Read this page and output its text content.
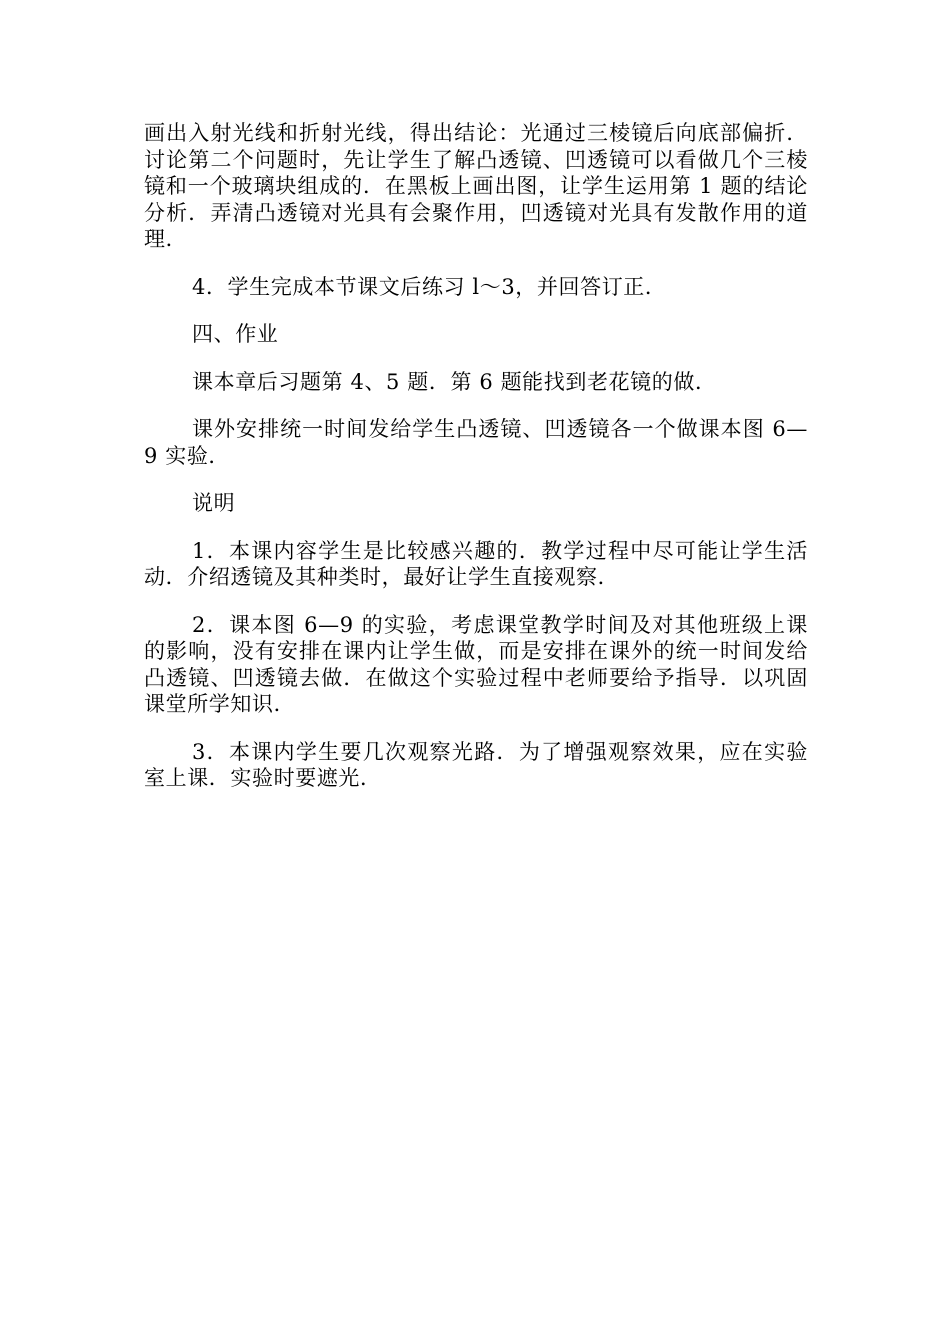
画出入射光线和折射光线，得出结论：光通过三棱镜后向底部偏折．讨论第二个问题时，先让学生了解凸透镜、凹透镜可以看做几个三棱镜和一个玻璃块组成的．在黑板上画出图，让学生运用第 1 题的结论分析．弄清凸透镜对光具有会聚作用，凹透镜对光具有发散作用的道理．

4．学生完成本节课文后练习 l～3，并回答订正．

四、作业

课本章后习题第 4、5 题．第 6 题能找到老花镜的做．

课外安排统一时间发给学生凸透镜、凹透镜各一个做课本图 6—9 实验．

说明

1．本课内容学生是比较感兴趣的．教学过程中尽可能让学生活动．介绍透镜及其种类时，最好让学生直接观察．

2．课本图 6—9 的实验，考虑课堂教学时间及对其他班级上课的影响，没有安排在课内让学生做，而是安排在课外的统一时间发给凸透镜、凹透镜去做．在做这个实验过程中老师要给予指导．以巩固课堂所学知识．

3．本课内学生要几次观察光路．为了增强观察效果，应在实验室上课．实验时要遮光．
